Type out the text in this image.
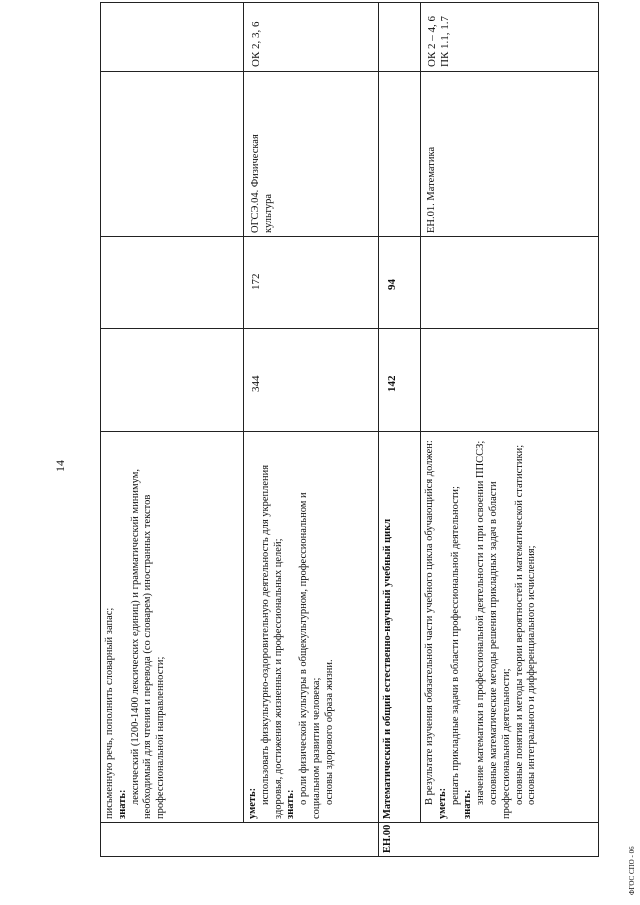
14

письменную речь, пополнить словарный запас; знать: лексический (1200-1400 лексических единиц) и грамматический минимум, необходимый для чтения и перевода (со словарем) иностранных текстов профессиональной направленности;	уметь: использовать физкультурно-оздоровительную деятельность для укрепления здоровья, достижения жизненных и профессиональных целей; знать: о роли физической культуры в общекультурном, профессиональном и социальном развитии человека; основы здорового образа жизни.

344
172
ОГСЭ.04. Физическая культура
ОК 2, 3, 6
ЕН.00

Математический и общий естественно-научный учебный цикл

142
94

В результате изучения обязательной части учебного цикла обучающийся должен: уметь: решать прикладные задачи в области профессиональной деятельности; знать: значение математики в профессиональной деятельности и при освоении ППССЗ; основные математические методы решения прикладных задач в области профессиональной деятельности; основные понятия и методы теории вероятностей и математической статистики; основы интегрального и дифференциального исчисления;

ЕН.01. Математика
ОК 2 – 4, 6
ПК 1.1, 1.7
ФГОС СПО - 06
